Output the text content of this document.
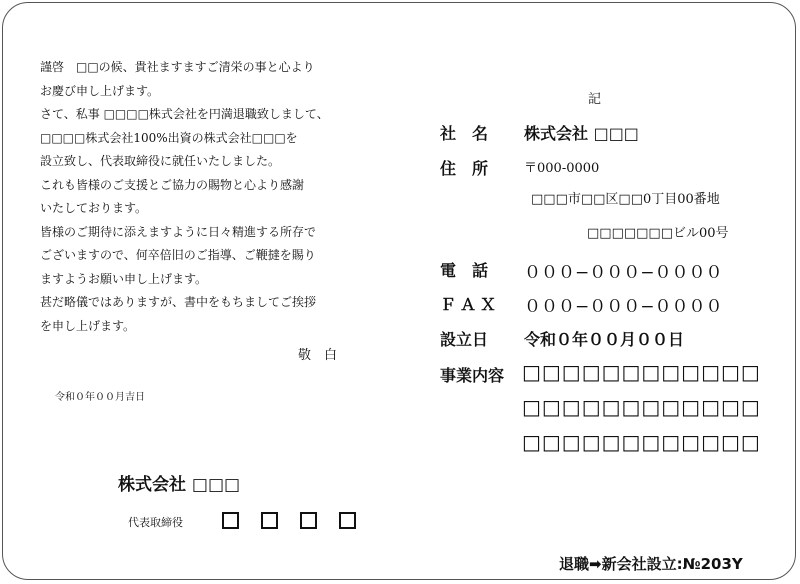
謹啓　□□の候、貴社ますますご清栄の事と心より
お慶び申し上げます。
さて、私事 □□□□株式会社を円満退職致しまして、
□□□□株式会社100%出資の株式会社□□□を
設立致し、代表取締役に就任いたしました。
これも皆様のご支援とご協力の賜物と心より感謝
いたしております。
皆様のご期待に添えますように日々精進する所存で
ございますので、何卒倍旧のご指導、ご鞭撻を賜り
ますようお願い申し上げます。
甚だ略儀ではありますが、書中をもちましてご挨拶
を申し上げます。
敬　白
令和０年００月吉日
株式会社 □□□
代表取締役
記
社　名 株式会社 □□□
住　所	〒000-0000
□□□市□□区□□0丁目00番地
□□□□□□□ビル00号
電　話 ０００−０００−００００
ＦＡＸ ０００−０００−００００
設立日 令和０年００月００日
事業内容 □□□□□□□□□□□□
□□□□□□□□□□□□
□□□□□□□□□□□□
退職➡新会社設立:№203Y
